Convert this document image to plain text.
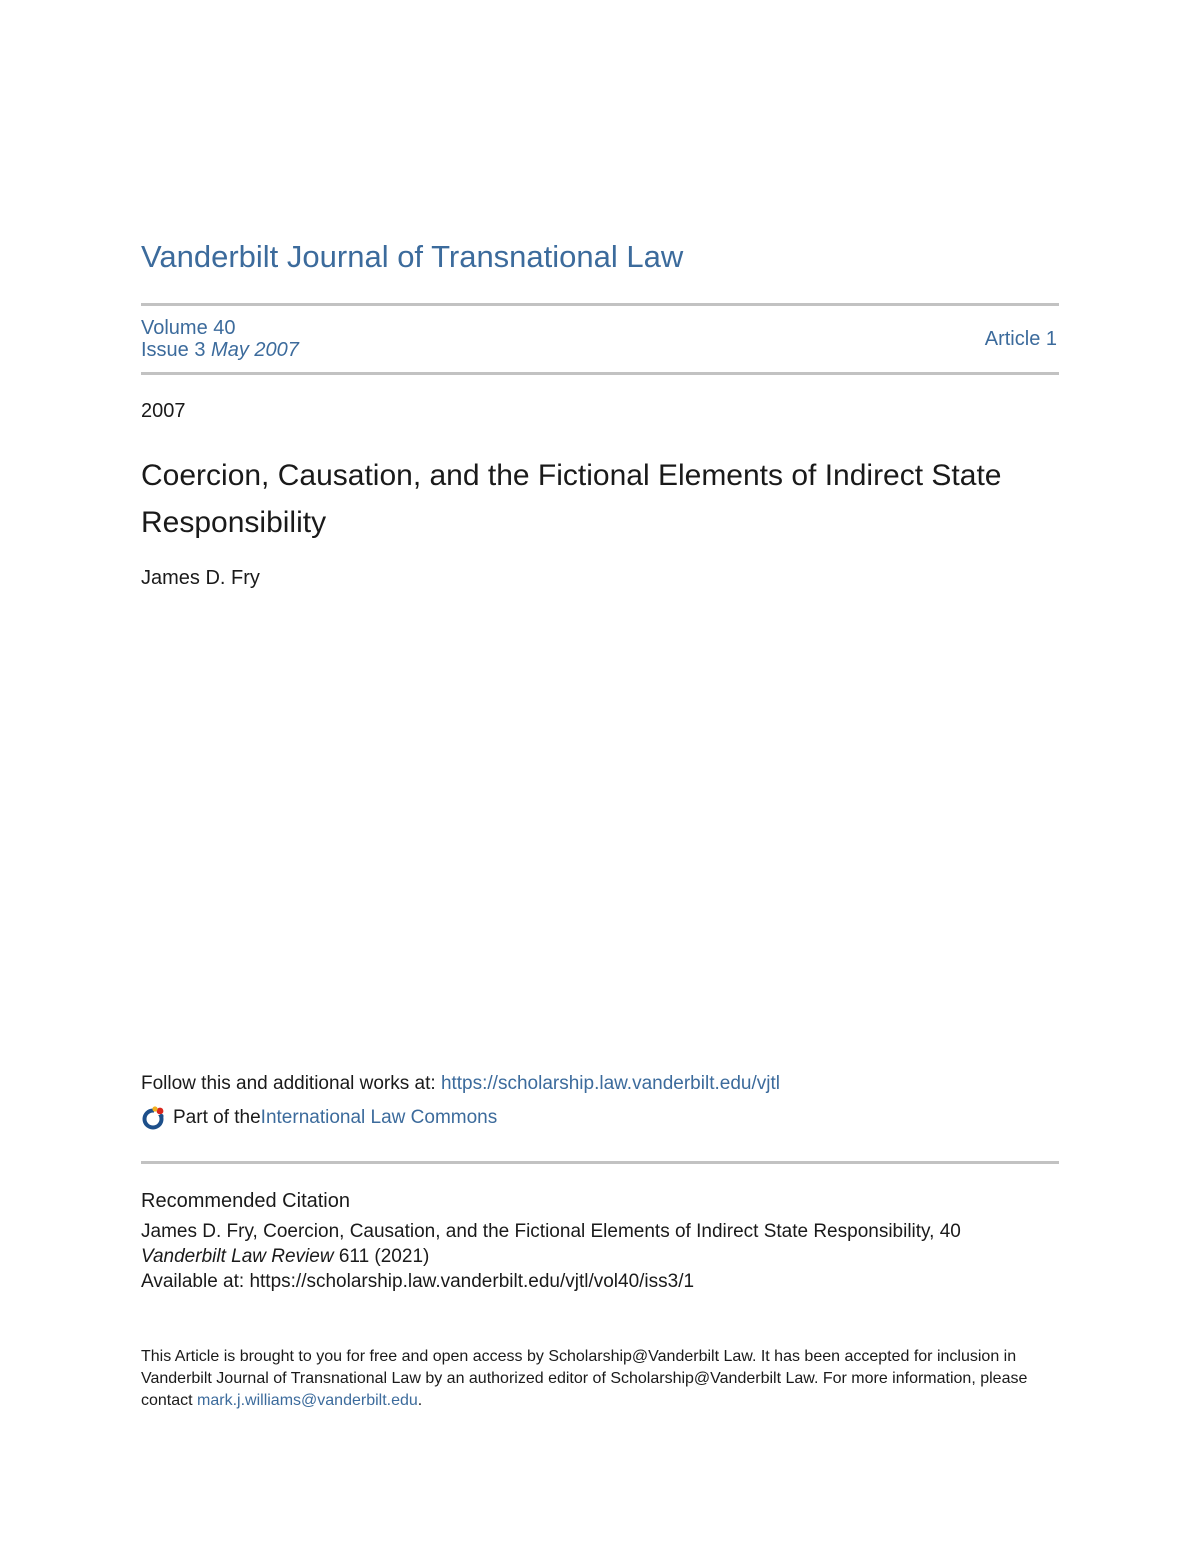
Vanderbilt Journal of Transnational Law
Volume 40
Issue 3 May 2007	Article 1
2007
Coercion, Causation, and the Fictional Elements of Indirect State Responsibility
James D. Fry
Follow this and additional works at: https://scholarship.law.vanderbilt.edu/vjtl
Part of the International Law Commons
Recommended Citation
James D. Fry, Coercion, Causation, and the Fictional Elements of Indirect State Responsibility, 40
Vanderbilt Law Review 611 (2021)
Available at: https://scholarship.law.vanderbilt.edu/vjtl/vol40/iss3/1
This Article is brought to you for free and open access by Scholarship@Vanderbilt Law. It has been accepted for inclusion in Vanderbilt Journal of Transnational Law by an authorized editor of Scholarship@Vanderbilt Law. For more information, please contact mark.j.williams@vanderbilt.edu.
